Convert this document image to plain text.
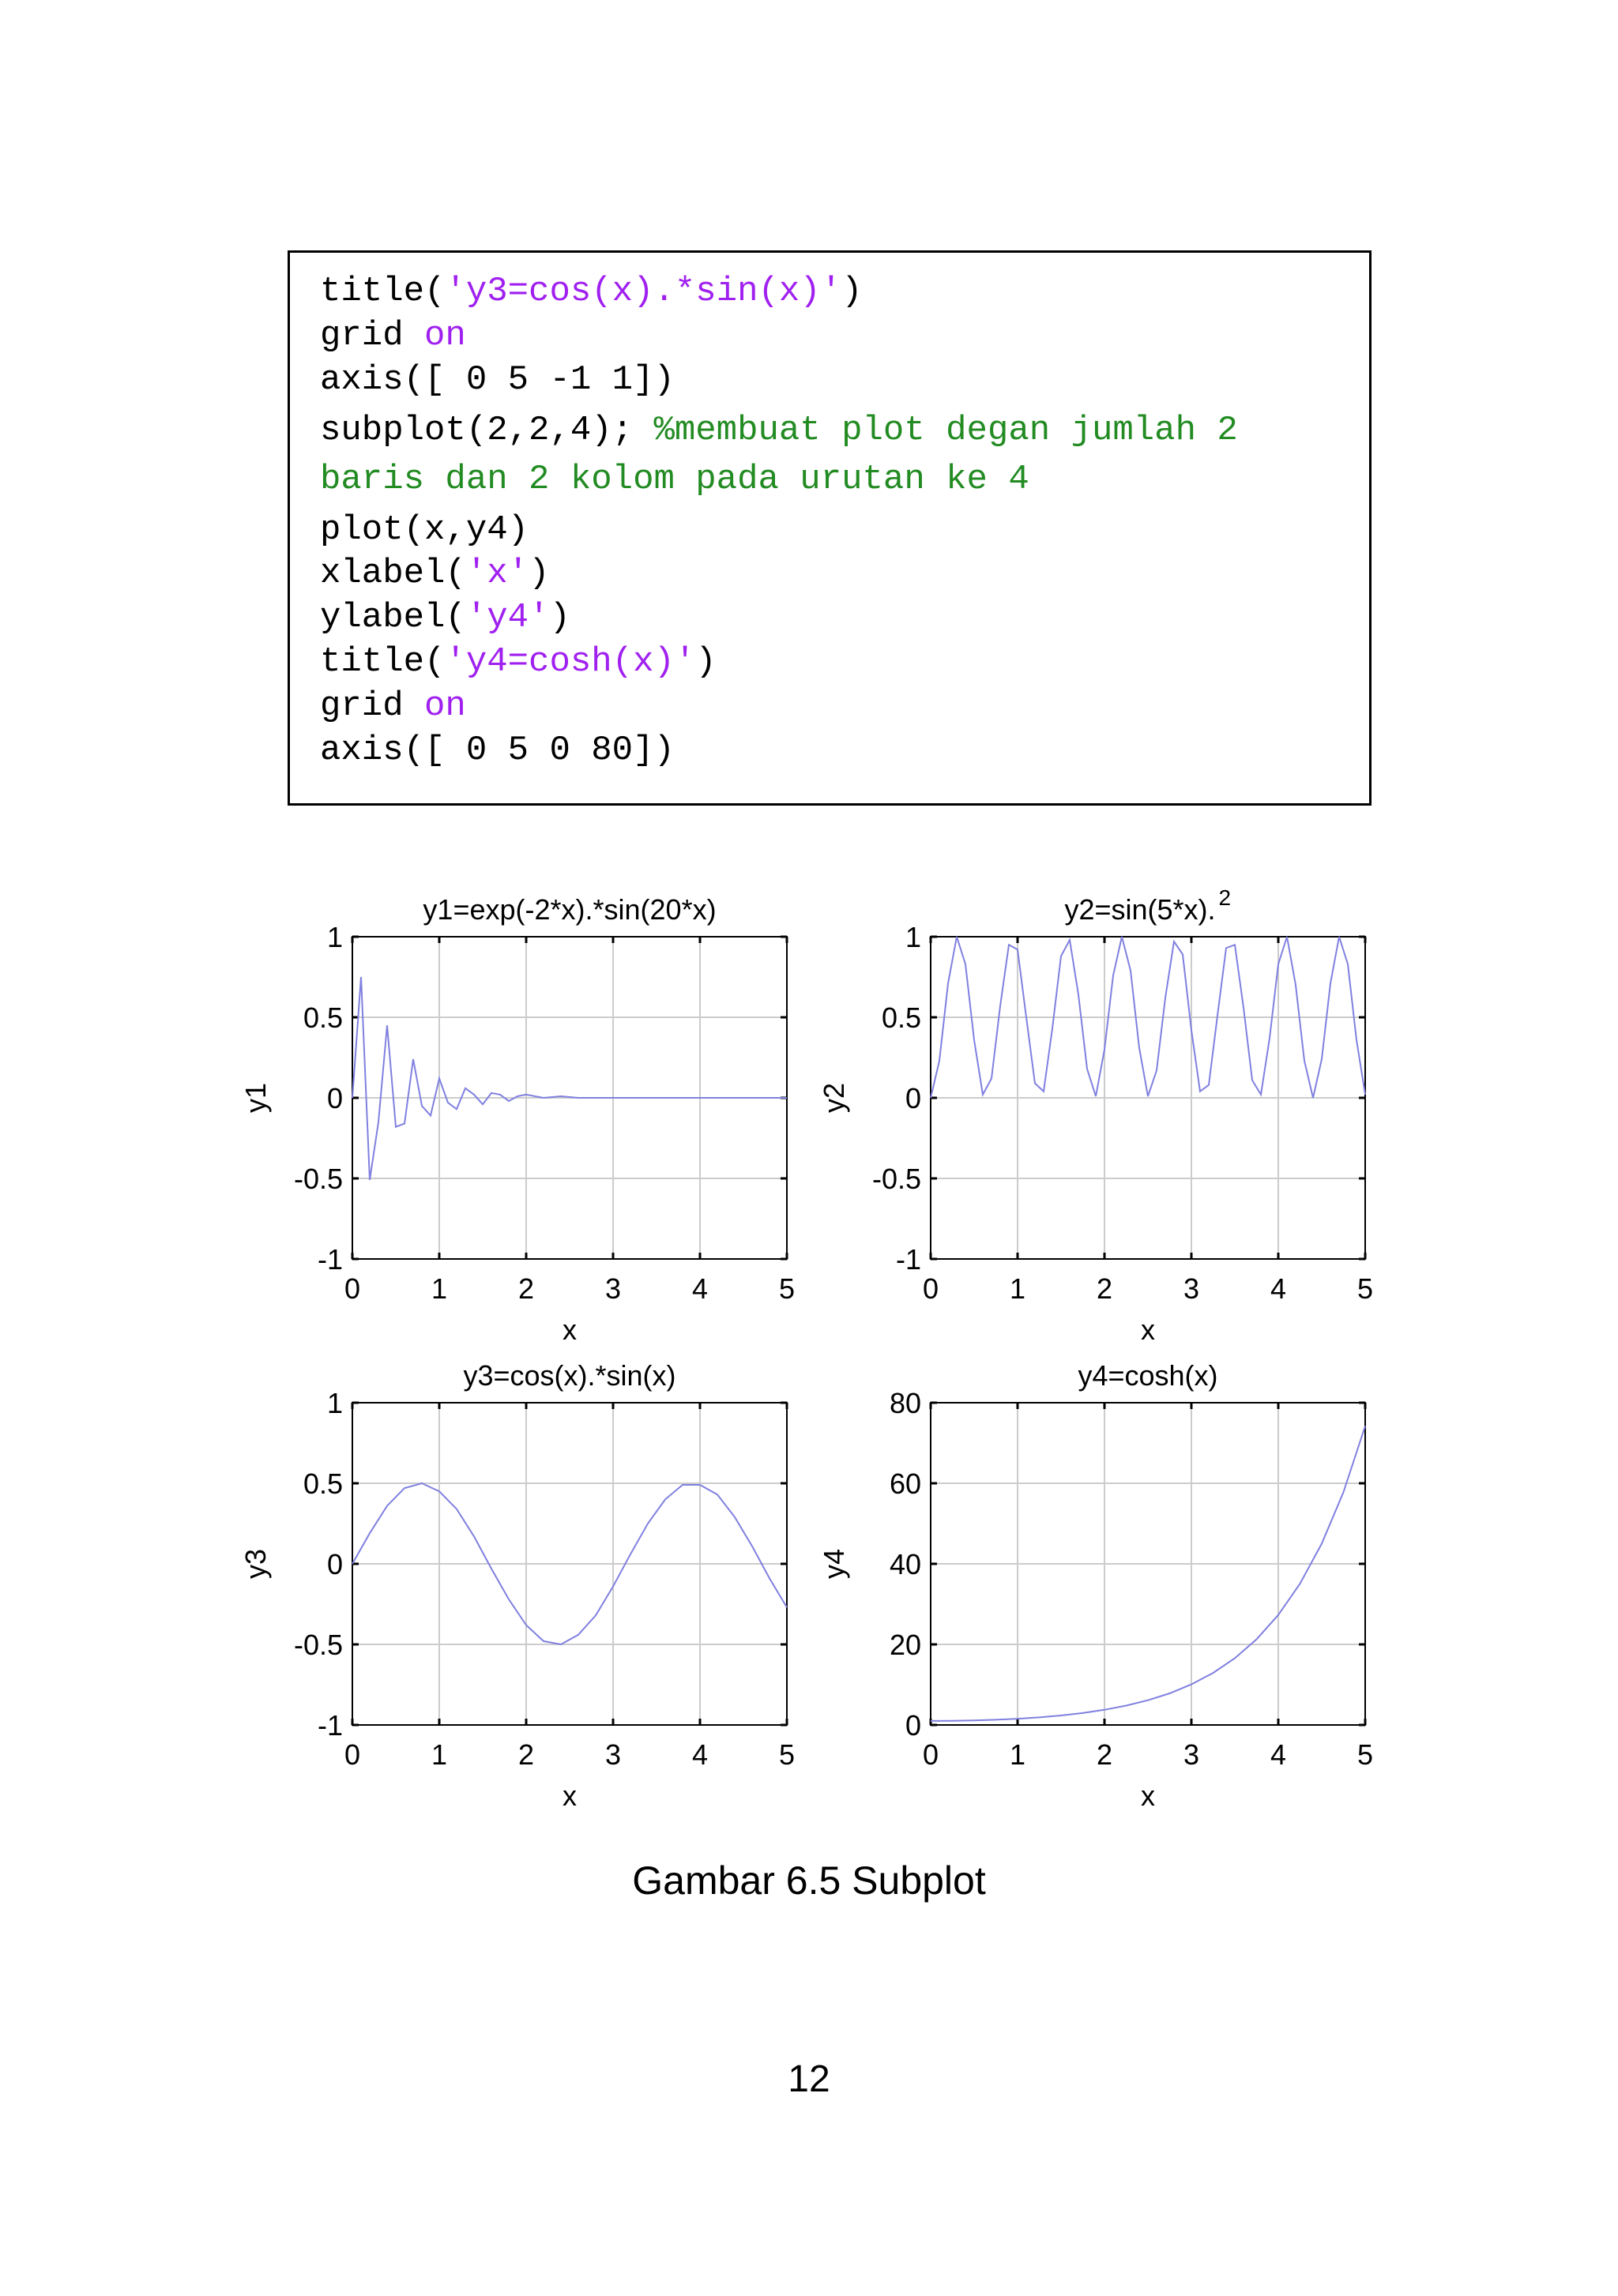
title('y3=cos(x).*sin(x)')
grid on
axis([ 0 5 -1 1])
subplot(2,2,4); %membuat plot degan jumlah 2
baris dan 2 kolom pada urutan ke 4
plot(x,y4)
xlabel('x')
ylabel('y4')
title('y4=cosh(x)')
grid on
axis([ 0 5 0 80])
0 1 2 3 4 5
-1
-0.5
0
0.5
1
y1=exp(-2*x).*sin(20*x)
x
y1
0 1 2 3 4 5
-1
-0.5
0
0.5
1
y2=sin(5*x). 2
x
y2
0 1 2 3 4 5
-1
-0.5
0
0.5
1
y3=cos(x).*sin(x)
x
y3
0 1 2 3 4 5
0
20
40
60
80
y4=cosh(x)
x
y4
Gambar 6.5 Subplot
12
